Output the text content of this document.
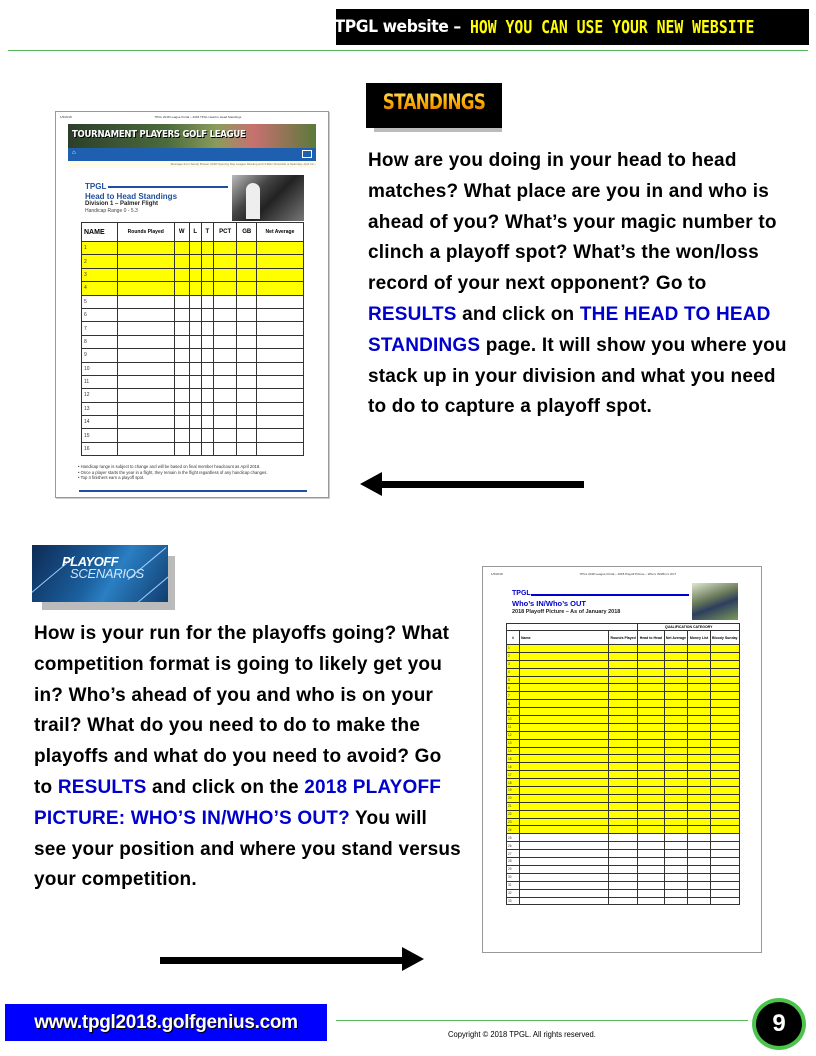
TPGL website – HOW YOU CAN USE YOUR NEW WEBSITE
1/5/2018	TPGL 2018 League Portal – 2018 TPGL Head to Head Standings
TOURNAMENT PLAYERS GOLF LEAGUE
⌂
Message from Sandy Brewer 2018 Opening Day League Meeting and 4-Man Scramble is Saturday, April 14 –
TPGL
Head to Head Standings
Division 1 – Palmer Flight
Handicap Range 0 - 5.3
NAME	Rounds Played	W	L	T	PCT	GB	Net Average
1							
2							
3							
4							
5							
6							
7							
8							
9							
10							
11							
12							
13							
14							
15							
16							
• Handicap range is subject to change and will be based on final member headcount as April 2018.
• Once a player starts the year in a flight, they remain in the flight regardless of any handicap changes.
• Top 4 finishers earn a playoff spot.
STANDINGS
How are you doing in your head to head matches? What place are you in and who is ahead of you? What’s your magic number to clinch a playoff spot? What’s the won/loss record of your next opponent? Go to RESULTS and click on THE HEAD TO HEAD STANDINGS page. It will show you where you stack up in your division and what you need to do to capture a playoff spot.
PLAYOFF
SCENARIOS
How is your run for the playoffs going? What competition format is going to likely get you in? Who’s ahead of you and who is on your trail? What do you need to do to make the playoffs and what do you need to avoid? Go to RESULTS and click on the 2018 PLAYOFF PICTURE: WHO’S IN/WHO’S OUT? You will see your position and where you stand versus your competition.
1/5/2018	TPGL 2018 League Portal – 2018 Playoff Picture – Who's IN/Who's OUT
TPGL
Who’s IN/Who’s OUT
2018 Playoff Picture – As of January 2018
			QUALIFICATION CATEGORY			
#	Name	Rounds Played	Head to Head	Net Average	Money List	Bloody Sunday
1						
2						
3						
4						
5						
6						
7						
8						
9						
10						
11						
12						
13						
14						
15						
16						
17						
18						
19						
20						
21						
22						
23						
24						
25						
26						
27						
28						
29						
30						
31						
32						
33						
www.tpgl2018.golfgenius.com
Copyright © 2018 TPGL. All rights reserved.	9
